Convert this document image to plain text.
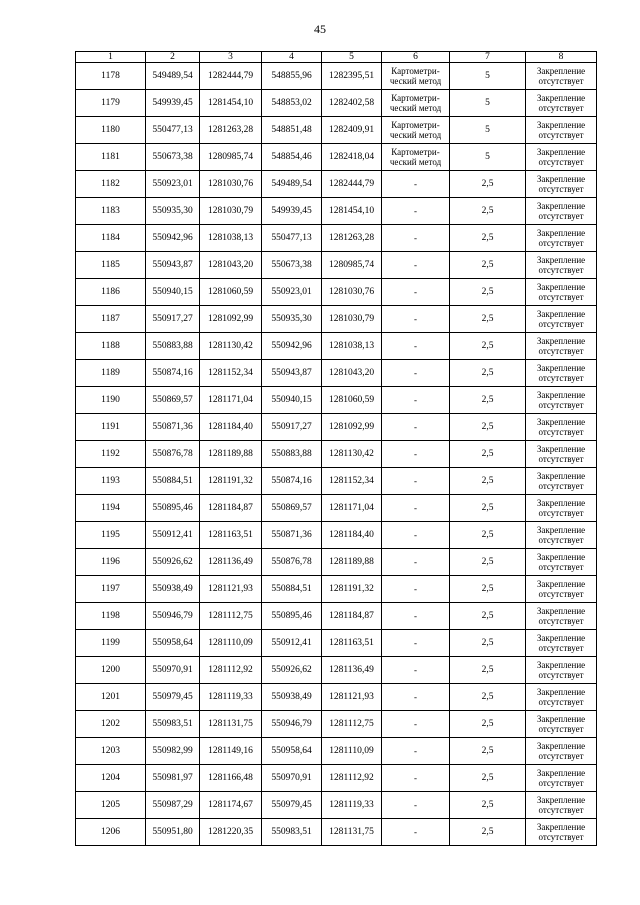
45
1	2	3	4	5	6	7	8
1178	549489,54	1282444,79	548855,96	1282395,51	Картометри-ческий метод	5	Закрепление отсутствует
1179	549939,45	1281454,10	548853,02	1282402,58	Картометри-ческий метод	5	Закрепление отсутствует
1180	550477,13	1281263,28	548851,48	1282409,91	Картометри-ческий метод	5	Закрепление отсутствует
1181	550673,38	1280985,74	548854,46	1282418,04	Картометри-ческий метод	5	Закрепление отсутствует
1182	550923,01	1281030,76	549489,54	1282444,79	-	2,5	Закрепление отсутствует
1183	550935,30	1281030,79	549939,45	1281454,10	-	2,5	Закрепление отсутствует
1184	550942,96	1281038,13	550477,13	1281263,28	-	2,5	Закрепление отсутствует
1185	550943,87	1281043,20	550673,38	1280985,74	-	2,5	Закрепление отсутствует
1186	550940,15	1281060,59	550923,01	1281030,76	-	2,5	Закрепление отсутствует
1187	550917,27	1281092,99	550935,30	1281030,79	-	2,5	Закрепление отсутствует
1188	550883,88	1281130,42	550942,96	1281038,13	-	2,5	Закрепление отсутствует
1189	550874,16	1281152,34	550943,87	1281043,20	-	2,5	Закрепление отсутствует
1190	550869,57	1281171,04	550940,15	1281060,59	-	2,5	Закрепление отсутствует
1191	550871,36	1281184,40	550917,27	1281092,99	-	2,5	Закрепление отсутствует
1192	550876,78	1281189,88	550883,88	1281130,42	-	2,5	Закрепление отсутствует
1193	550884,51	1281191,32	550874,16	1281152,34	-	2,5	Закрепление отсутствует
1194	550895,46	1281184,87	550869,57	1281171,04	-	2,5	Закрепление отсутствует
1195	550912,41	1281163,51	550871,36	1281184,40	-	2,5	Закрепление отсутствует
1196	550926,62	1281136,49	550876,78	1281189,88	-	2,5	Закрепление отсутствует
1197	550938,49	1281121,93	550884,51	1281191,32	-	2,5	Закрепление отсутствует
1198	550946,79	1281112,75	550895,46	1281184,87	-	2,5	Закрепление отсутствует
1199	550958,64	1281110,09	550912,41	1281163,51	-	2,5	Закрепление отсутствует
1200	550970,91	1281112,92	550926,62	1281136,49	-	2,5	Закрепление отсутствует
1201	550979,45	1281119,33	550938,49	1281121,93	-	2,5	Закрепление отсутствует
1202	550983,51	1281131,75	550946,79	1281112,75	-	2,5	Закрепление отсутствует
1203	550982,99	1281149,16	550958,64	1281110,09	-	2,5	Закрепление отсутствует
1204	550981,97	1281166,48	550970,91	1281112,92	-	2,5	Закрепление отсутствует
1205	550987,29	1281174,67	550979,45	1281119,33	-	2,5	Закрепление отсутствует
1206	550951,80	1281220,35	550983,51	1281131,75	-	2,5	Закрепление отсутствует
